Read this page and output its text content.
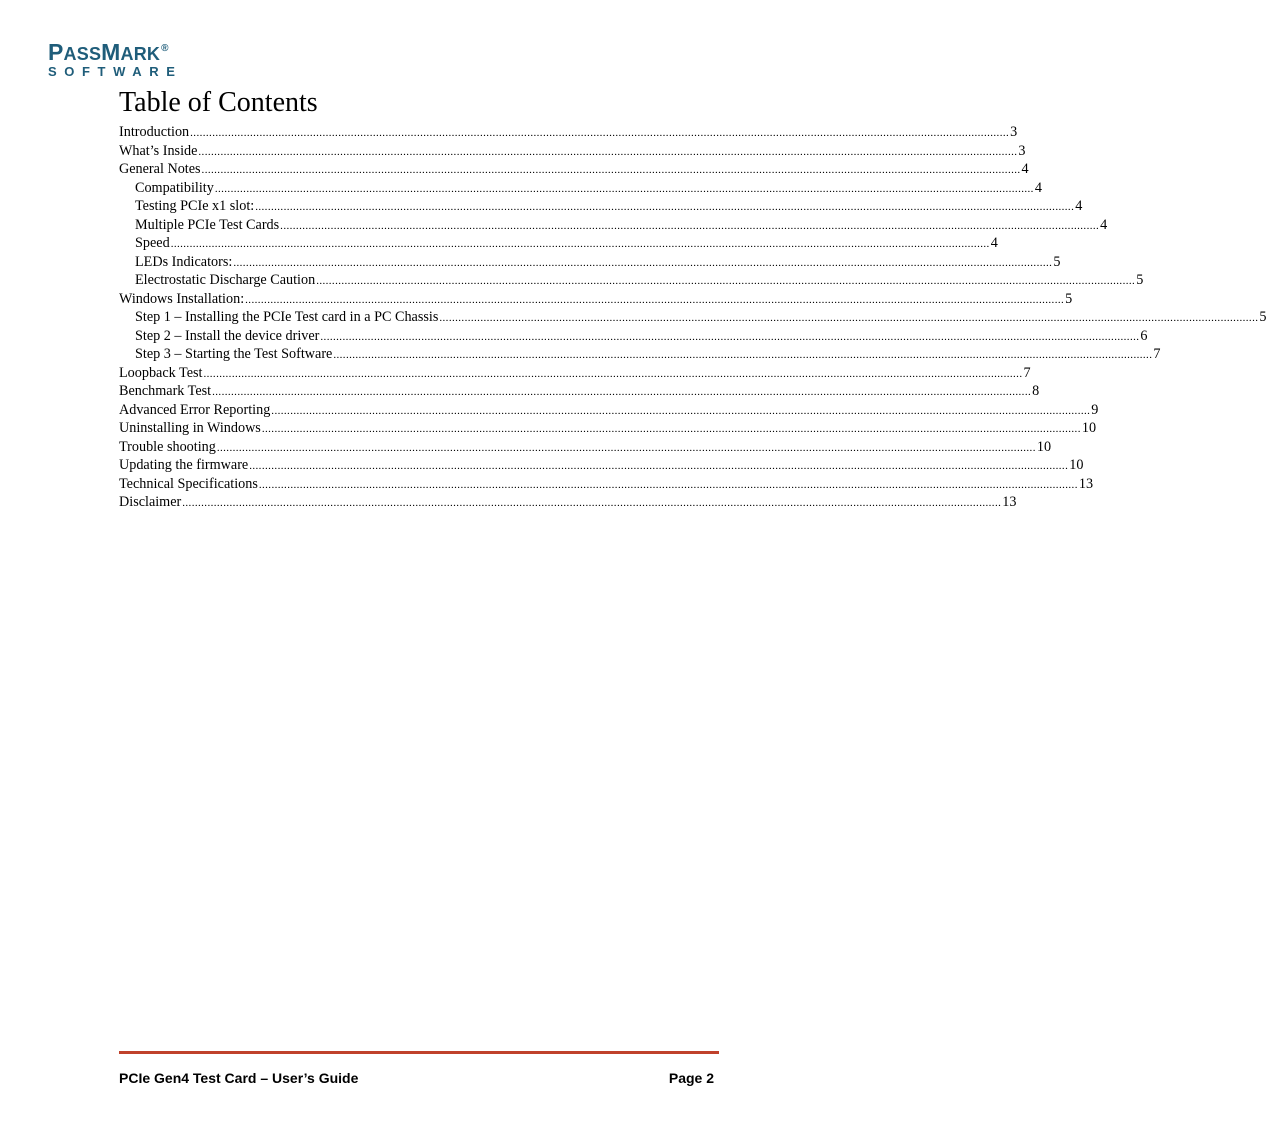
PASSMARK®
SOFTWARE
Table of Contents
Introduction .................................................................................................................................................................................................................................................................... 3
What’s Inside .................................................................................................................................................................................................................................................................... 3
General Notes .................................................................................................................................................................................................................................................................... 4
Compatibility .................................................................................................................................................................................................................................................................... 4
Testing PCIe x1 slot: .................................................................................................................................................................................................................................................................... 4
Multiple PCIe Test Cards .................................................................................................................................................................................................................................................................... 4
Speed .................................................................................................................................................................................................................................................................... 4
LEDs Indicators: .................................................................................................................................................................................................................................................................... 5
Electrostatic Discharge Caution .................................................................................................................................................................................................................................................................... 5
Windows Installation: .................................................................................................................................................................................................................................................................... 5
Step 1 – Installing the PCIe Test card in a PC Chassis .................................................................................................................................................................................................................................................................... 5
Step 2 – Install the device driver .................................................................................................................................................................................................................................................................... 6
Step 3 – Starting the Test Software .................................................................................................................................................................................................................................................................... 7
Loopback Test .................................................................................................................................................................................................................................................................... 7
Benchmark Test .................................................................................................................................................................................................................................................................... 8
Advanced Error Reporting .................................................................................................................................................................................................................................................................... 9
Uninstalling in Windows .................................................................................................................................................................................................................................................................... 10
Trouble shooting .................................................................................................................................................................................................................................................................... 10
Updating the firmware .................................................................................................................................................................................................................................................................... 10
Technical Specifications .................................................................................................................................................................................................................................................................... 13
Disclaimer .................................................................................................................................................................................................................................................................... 13
PCIe Gen4 Test Card – User’s Guide	Page 2
